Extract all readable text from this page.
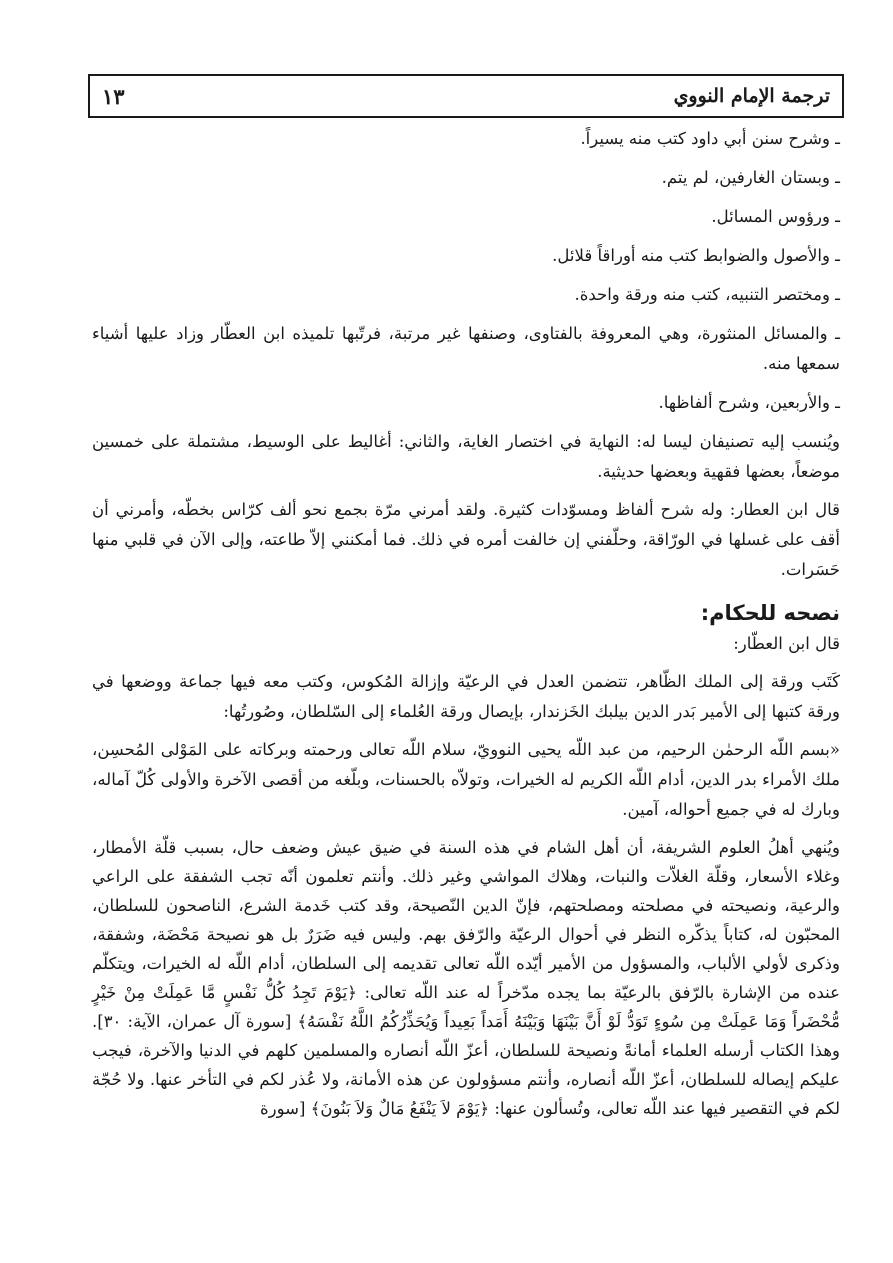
ترجمة الإمام النووي
١٣

ـ وشرح سنن أبي داود كتب منه يسيراً.

ـ وبستان الغارفين، لم يتم.

ـ ورؤوس المسائل.

ـ والأصول والضوابط كتب منه أوراقاً قلائل.

ـ ومختصر التنبيه، كتب منه ورقة واحدة.

ـ والمسائل المنثورة، وهي المعروفة بالفتاوى، وصنفها غير مرتبة، فرتّبها تلميذه ابن العطّار وزاد عليها أشياء سمعها منه.

ـ والأربعين، وشرح ألفاظها.

ويُنسب إليه تصنيفان ليسا له: النهاية في اختصار الغاية، والثاني: أغاليط على الوسيط، مشتملة على خمسين موضعاً، بعضها فقهية وبعضها حديثية.

قال ابن العطار: وله شرح ألفاظ ومسوّدات كثيرة. ولقد أمرني مرّة بجمع نحو ألف كرّاس بخطّه، وأمرني أن أقف على غسلها في الورّاقة، وحلّفني إن خالفت أمره في ذلك. فما أمكنني إلاّ طاعته، وإلى الآن في قلبي منها حَسَرات.

نصحه للحكام:

قال ابن العطّار:

كَتَب ورقة إلى الملك الظّاهر، تتضمن العدل في الرعيّة وإزالة المُكوس، وكتب معه فيها جماعة ووضعها في ورقة كتبها إلى الأمير بَدر الدين بيلبك الخَزندار، بإيصال ورقة العُلماء إلى السّلطان، وصُورتُها:

«بسم اللّه الرحمٰن الرحيم، من عبد اللّه يحيى النوويّ، سلام اللّه تعالى ورحمته وبركاته على المَوْلى المُحسِن، ملك الأمراء بدر الدين، أدام اللّه الكريم له الخيرات، وتولاّه بالحسنات، وبلّغه من أقصى الآخرة والأولى كُلّ آماله، وبارك له في جميع أحواله، آمين.

ويُنهي أهلُ العلوم الشريفة، أن أهل الشام في هذه السنة في ضيق عيش وضعف حال، بسبب قلّة الأمطار، وغلاء الأسعار، وقلّة الغلاّت والنبات، وهلاك المواشي وغير ذلك. وأنتم تعلمون أنّه تجب الشفقة على الراعي والرعية، ونصيحته في مصلحته ومصلحتهم، فإنّ الدين النّصيحة، وقد كتب خَدمة الشرع، الناصحون للسلطان، المحبّون له، كتاباً يذكّره النظر في أحوال الرعيّة والرّفق بهم. وليس فيه ضَرَرٌ بل هو نصيحة مَحْضَة، وشفقة، وذكرى لأولي الألباب، والمسؤول من الأمير أيّده اللّه تعالى تقديمه إلى السلطان، أدام اللّه له الخيرات، ويتكلّم عنده من الإشارة بالرّفق بالرعيّة بما يجده مدّخراً له عند اللّه تعالى: ﴿يَوْمَ تَجِدُ كُلُّ نَفْسٍ مَّا عَمِلَتْ مِنْ خَيْرٍ مُّحْضَراً وَمَا عَمِلَتْ مِن سُوءٍ تَوَدُّ لَوْ أَنَّ بَيْنَهَا وَبَيْنَهُ أَمَداً بَعِيداً وَيُحَذِّرُكُمُ اللَّهُ نَفْسَهُ﴾ [سورة آل عمران، الآية: ٣٠]. وهذا الكتاب أرسله العلماء أمانةً ونصيحة للسلطان، أعزّ اللّه أنصاره والمسلمين كلهم في الدنيا والآخرة، فيجب عليكم إيصاله للسلطان، أعزّ اللّه أنصاره، وأنتم مسؤولون عن هذه الأمانة، ولا عُذر لكم في التأخر عنها. ولا حُجّة لكم في التقصير فيها عند اللّه تعالى، وتُسألون عنها: ﴿يَوْمَ لاَ يَنْفَعُ مَالٌ وَلاَ بَنُونَ﴾ [سورة
